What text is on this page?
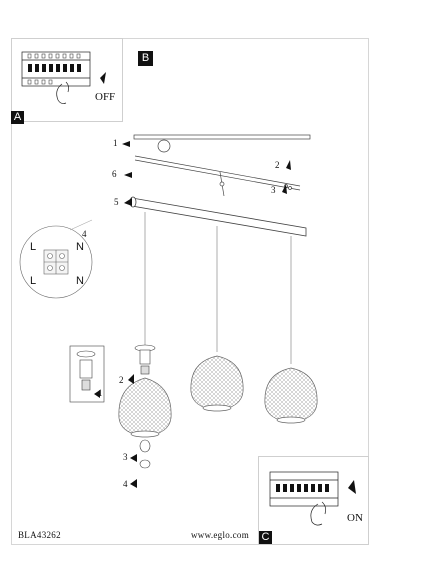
A
OFF
B
C
ON
1
2
3
4
5
6
1
2
3
4
L	N
L	N
BLA43262	www.eglo.com
